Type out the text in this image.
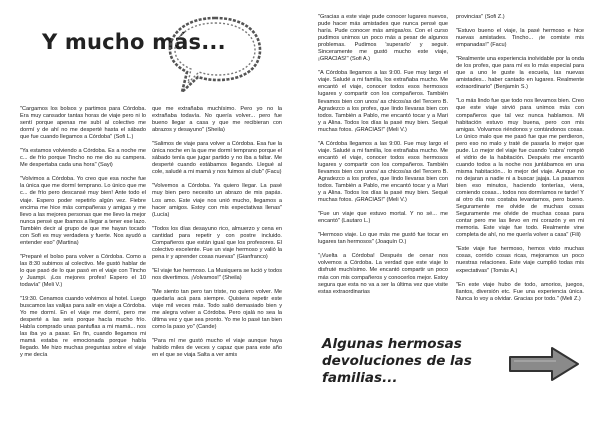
Y mucho más...

"Cargamos los bolsos y partimos para Córdoba. Era muy cansador tantas horas de viaje pero ni lo sentí porque apenas me subí al colectivo me dormí y de ahí no me desperté hasta el sábado que fue cuando llegamos a Córdoba" (Sofi L.)

"Ya estamos volviendo a Córdoba. Es a noche me c... de frío porque Tincho no me dio su campera. Me despertaba cada una hora" (Sayi)

"Volvimos a Córdoba. Yo creo que esa noche fue la única que me dormí temprano. Lo único que me c... de frío pero descansé muy bien! Ante todo el viaje. Espero poder repetirlo algún vez. Fiebre encima me hice más compañeras y amigas y me llevo a las mejores personas que me llevo la mejor nunca pensé que íbamos a llegar a tener ese lazo. También decir al grupo de que me hayan tocado con Sofi es muy verdadera y fuerte. Nos ayudó a entender eso" (Martina)

"Preparé el bolso para volver a Córdoba. Como a las 8:30 subimos al colectivo. Me gustó hablar de lo que pasó de lo que pasó en el viaje con Tincho y Juampi. ¡Los mejores profes! Espero el 10 todavía" (Meli V.)

"19:30. Cenamos cuando volvimos al hotel. Luego buscamos las valijas para salir en viaje a Córdoba. Yo me dormí. En el viaje me dormí, pero me desperté a las seis porque hacía mucho frío. Había comprado unas pantuflas a mi mamá... nos las iba yo a pasar. En fin, cuando llegamos mi mamá estaba re emocionada porque había llegado. Me hizo muchas preguntas sobre el viaje y me decía

que me extrañaba muchísimo. Pero yo no la extrañaba todavía. No quería volver... pero fue bueno llegar a casa y que me recibieran con abrazos y desayuno" (Sheila)

"Salimos de viaje para volver a Córdoba. Esa fue la única noche en la que me dormí temprano porque el sábado tenía que jugar partido y no iba a faltar. Me desperté cuando estábamos llegando. Llegué al cole, saludé a mi mamá y nos fuimos al club" (Facu)

"Volvemos a Córdoba. Ya quiero llegar. La pasé muy bien pero necesito un abrazo de mis papás. Los amo. Este viaje nos unió mucho, llegamos a hacer amigos. Estoy con mis expectativas llenas" (Lucía)

"Todos los días desayuno rico, almuerzo y cena en cantidad para repetir y con postre incluido. Compañeros que están igual que los profesores. El colectivo excelente. Fue un viaje hermoso y valió la pena ir y aprender cosas nuevas" (Gianfranco)

"El viaje fue hermoso. La Musiquera se lució y todos nos divertimos. ¡Volvamos!" (Sheila)

"Me siento tan pero tan triste, no quiero volver. Me quedaría acá para siempre. Quisiera repetir este viaje mil veces más. Todo salió demasiado bien y me alegra volver a Córdoba. Pero ojalá no sea la última vez y que sea pronto. Yo me lo pasé tan bien como la paso yo" (Cande)

"Para mí me gustó mucho el viaje aunque haya habido miles de veces y capaz que para este año en el que se viaja Salta a ver amis

"Gracias a este viaje pude conocer lugares nuevos, pude hacer más amistades que nunca pensé que haría. Pude conocer más amigas/os. Con el curso pudimos unirnos un poco más a pesar de algunos problemas. Pudimos 'superarlo' y seguir. Sinceramente me gustó mucho este viaje, ¡GRACIAS!" (Sofi A.)

"A Córdoba llegamos a las 9:00. Fue muy largo el viaje. Saludé a mi familia, los extrañaba mucho. Me encantó el viaje, conocer todos esos hermosos lugares y compartir con los compañeros. También llevamos bien con unos/ as chicos/as del Tercero B. Agradezco a los profes, que lindo llevaras bien con todos. También a Pablo, me encantó tocar y a Mari y a Alina. Todos los días la pasé muy bien. Sequé muchas fotos. ¡GRACIAS!" (Meli V.)

"A Córdoba llegamos a las 9:00. Fue muy largo el viaje. Saludé a mi familia, los extrañaba mucho. Me encantó el viaje, conocer todos esos hermosos lugares y compartir con los compañeros. También llevamos bien con unos/ as chicos/as del Tercero B. Agradezco a los profes, que lindo llevaras bien con todos. También a Pablo, me encantó tocar y a Mari y a Alina. Todos los días la pasé muy bien. Sequé muchas fotos. ¡GRACIAS!" (Meli V.)

"Fue un viaje que estuvo mortal. Y no sé... me encantó" (Lautaro L.)

"Hermoso viaje. Lo que más me gustó fue tocar en lugares tan hermosos" (Joaquín O.)

"¡Vuelta a Córdoba! Después de cenar nos volvemos a Córdoba. La verdad que este viaje lo disfruté muchísimo. Me encantó compartir un poco más con mis compañeros y conocerlos mejor. Estoy segura que esta no va a ser la última vez que visite estas extraordinarias

provincias" (Sofi Z.)

"Estuvo bueno el viaje, la pasé hermoso e hice nuevas amistades. Tincho... ¡te comiste mis empanadas!" (Facu)

"Realmente una experiencia inolvidable por la onda de los profes, que para mí es lo más especial para que a uno le guste la escuela, las nuevas amistades... haber cantado en lugares. Realmente extraordinario" (Benjamín S.)

"Lo más lindo fue que todo nos llevamos bien. Creo que este viaje sirvió para unirnos más con compañeros que tal vez nunca hablamos. Mi habitación estuvo muy buena, pero con mis amigas. Volvamos riéndonos y contándonos cosas. Lo único malo que me pasó fue que me perdieron, pero eso no malo y traté de pasarla lo mejor que pude. Lo mejor del viaje fue cuando 'cabra' rompió el vidrio de la habitación. Después me encantó cuando todos a la noche nos juntábamos en una misma habitación... lo mejor del viaje. Aunque no no dejaran a nadie ni a buscar jajaja. La pasamos bien eso minutos, haciendo tonterías, viera, comiendo cosas... todos nos dormíamos re tarde! Y al otro día nos costaba levantarnos, pero bueno. Seguramente me olvide de muchas cosas Seguramente me olvide de muchas cosas para contar pero me las llevo en mi corazón y en mi memoria. Este viaje fue todo. Realmente vine completa de ahí, no me quería volver a casa" (Fili)

"Este viaje fue hermoso, hemos visto muchas cosas, corrido cosas ricas, mejoramos un poco nuestras relaciones. Este viaje cumplió todas mis expectativas" (Tomás A.)

"En este viaje hubo de todo, amorios, juegos, llantos, diversión etc. Fue una experiencia única. Nunca lo voy a olvidar. Gracias por todo." (Meli Z.)

Algunas hermosas devoluciones de las familias...
